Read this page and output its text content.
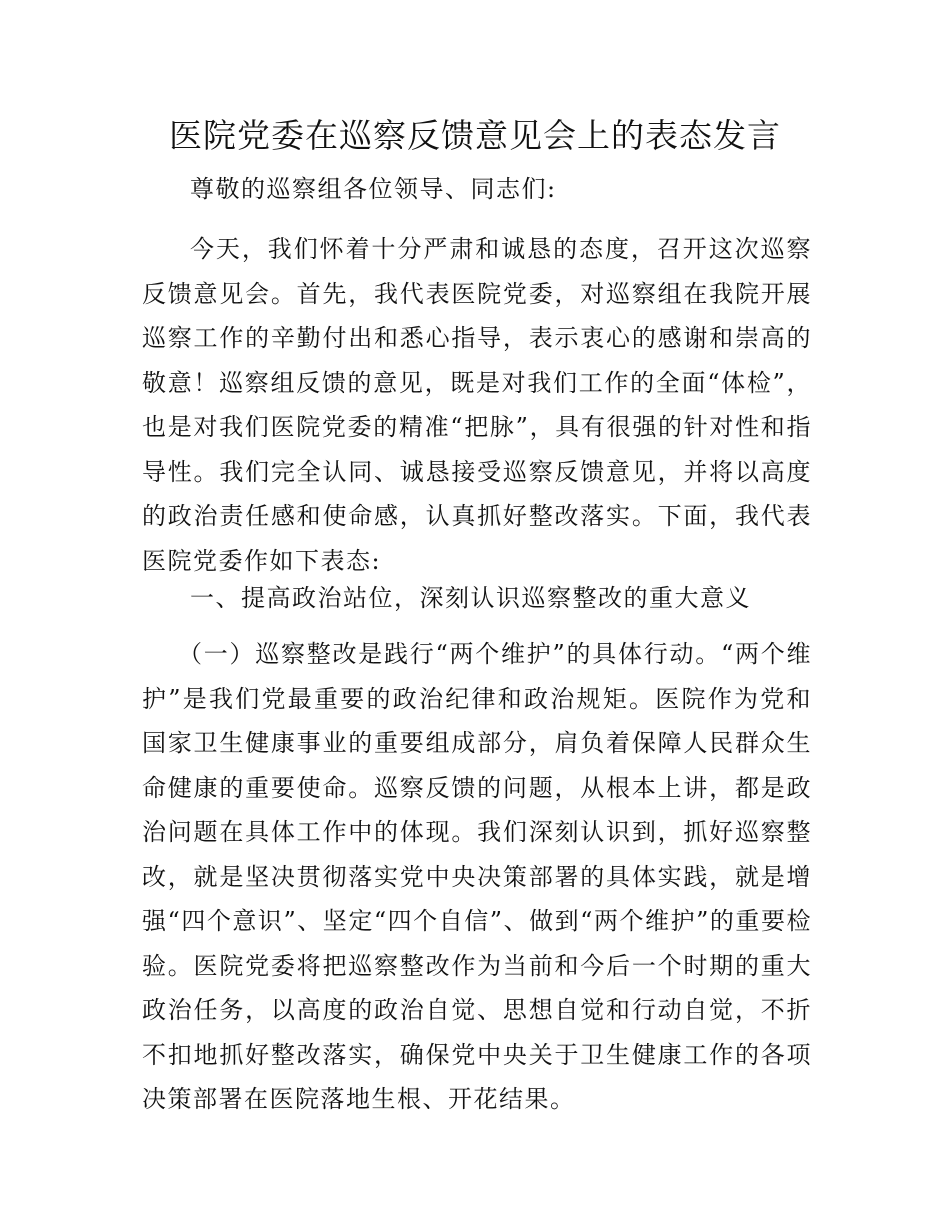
医院党委在巡察反馈意见会上的表态发言

尊敬的巡察组各位领导、同志们:

今天，我们怀着十分严肃和诚恳的态度，召开这次巡察反馈意见会。首先，我代表医院党委，对巡察组在我院开展巡察工作的辛勤付出和悉心指导，表示衷心的感谢和崇高的敬意！巡察组反馈的意见，既是对我们工作的全面“体检”，也是对我们医院党委的精准“把脉”，具有很强的针对性和指导性。我们完全认同、诚恳接受巡察反馈意见，并将以高度的政治责任感和使命感，认真抓好整改落实。下面，我代表医院党委作如下表态:

一、提高政治站位，深刻认识巡察整改的重大意义

（一）巡察整改是践行“两个维护”的具体行动。“两个维护”是我们党最重要的政治纪律和政治规矩。医院作为党和国家卫生健康事业的重要组成部分，肩负着保障人民群众生命健康的重要使命。巡察反馈的问题，从根本上讲，都是政治问题在具体工作中的体现。我们深刻认识到，抓好巡察整改，就是坚决贯彻落实党中央决策部署的具体实践，就是增强“四个意识”、坚定“四个自信”、做到“两个维护”的重要检验。医院党委将把巡察整改作为当前和今后一个时期的重大政治任务，以高度的政治自觉、思想自觉和行动自觉，不折不扣地抓好整改落实，确保党中央关于卫生健康工作的各项决策部署在医院落地生根、开花结果。
